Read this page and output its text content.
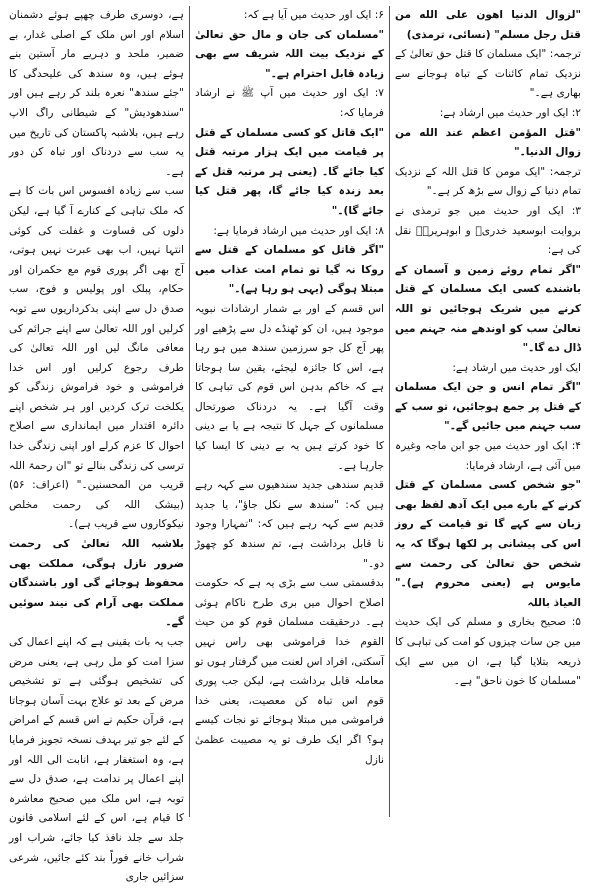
"لزوال الدنيا اهون على الله من قتل رجل مسلم" (نسائی، ترمذی)

ترجمہ: "ایک مسلمان کا قتل حق تعالیٰ کے نزدیک تمام کائنات کے تباہ ہوجانے سے بھاری ہے۔"

۲: ایک اور حدیث میں ارشاد ہے:

"قتل المؤمن اعظم عند الله من زوال الدنیا۔"

ترجمہ: "ایک مومن کا قتل اللہ کے نزدیک تمام دنیا کے زوال سے بڑھ کر ہے۔"

۳: ایک اور حدیث میں جو ترمذی نے بروایت ابوسعید خدریؓ و ابوہریرہؓ نقل کی ہے:

"اگر تمام روئے زمین و آسمان کے باشندے کسی ایک مسلمان کے قتل کرنے میں شریک ہوجائیں تو اللہ تعالیٰ سب کو اوندھے منہ جہنم میں ڈال دے گا۔"

ایک اور حدیث میں ارشاد ہے:

"اگر تمام انس و جن ایک مسلمان کے قتل پر جمع ہوجائیں، تو سب کے سب جہنم میں جائیں گے۔"

۴: ایک اور حدیث میں جو ابن ماجہ وغیرہ میں آئی ہے، ارشاد فرمایا:

"جو شخص کسی مسلمان کے قتل کرنے کے بارے میں ایک آدھ لفظ بھی زبان سے کہے گا تو قیامت کے روز اس کی پیشانی پر لکھا ہوگا کہ یہ شخص حق تعالیٰ کی رحمت سے مایوس ہے (یعنی محروم ہے)۔" العیاذ باللہ

۵: صحیح بخاری و مسلم کی ایک حدیث میں جن سات چیزوں کو امت کی تباہی کا ذریعہ بتلایا گیا ہے، ان میں سے ایک "مسلمان کا خون ناحق" ہے۔

۶: ایک اور حدیث میں آیا ہے کہ:

"مسلمان کی جان و مال حق تعالیٰ کے نزدیک بیت اللہ شریف سے بھی زیادہ قابل احترام ہے۔"

۷: ایک اور حدیث میں آپ ﷺ نے ارشاد فرمایا کہ:

"ایک قاتل کو کسی مسلمان کے قتل پر قیامت میں ایک ہزار مرتبہ قتل کیا جائے گا۔ (یعنی ہر مرتبہ قتل کے بعد زندہ کیا جائے گا، پھر قتل کیا جائے گا)۔"

۸: ایک اور حدیث میں ارشاد فرمایا ہے:

"اگر قاتل کو مسلمان کے قتل سے روکا نہ گیا تو تمام امت عذاب میں مبتلا ہوگی (یہی ہو رہا ہے)۔"

اس قسم کے اور بے شمار ارشادات نبویہ موجود ہیں، ان کو ٹھنڈے دل سے پڑھیے اور پھر آج کل جو سرزمین سندھ میں ہو رہا ہے، اس کا جائزہ لیجئے، یقین سا ہوجاتا ہے کہ خاکم بدہن اس قوم کی تباہی کا وقت آگیا ہے۔ یہ دردناک صورتحال مسلمانوں کے جہل کا نتیجہ ہے یا بے دینی کا خود کرتے ہیں یہ بے دینی کا ایسا کیا جارہا ہے۔

قدیم سندھی جدید سندھیوں سے کہہ رہے ہیں کہ: "سندھ سے نکل جاؤ"، یا جدید قدیم سے کہہ رہے ہیں کہ: "تمہارا وجود نا قابل برداشت ہے، تم سندھ کو چھوڑ دو۔"

بدقسمتی سب سے بڑی یہ ہے کہ حکومت اصلاح احوال میں بری طرح ناکام ہوئی ہے۔ درحقیقت مسلمان قوم کو من حیث القوم خدا فراموشی بھی راس نہیں آسکتی، افراد اس لعنت میں گرفتار ہوں تو معاملہ قابل برداشت ہے، لیکن جب پوری قوم اس تباہ کن معصیت، یعنی خدا فراموشی میں مبتلا ہوجائے تو نجات کیسے ہو؟ اگر ایک طرف تو یہ مصیبت عظمیٰ نازل

ہے، دوسری طرف چھپے ہوئے دشمنان اسلام اور اس ملک کے اصلی غدار، بے ضمیر، ملحد و دہریے مار آستین بنے ہوئے ہیں، وہ سندھ کی علیحدگی کا "جئے سندھ" نعرہ بلند کر رہے ہیں اور "سندھودیش" کے شیطانی راگ الاپ رہے ہیں، بلاشبہ پاکستان کی تاریخ میں یہ سب سے دردناک اور تباہ کن دور ہے۔

سب سے زیادہ افسوس اس بات کا ہے کہ ملک تباہی کے کنارے آ گیا ہے، لیکن دلوں کی قساوت و غفلت کی کوئی انتہا نہیں، اب بھی عبرت نہیں ہوتی، آج بھی اگر پوری قوم مع حکمران اور حکام، پبلک اور پولیس و فوج، سب صدق دل سے اپنی بدکرداریوں سے توبہ کرلیں اور اللہ تعالیٰ سے اپنے جرائم کی معافی مانگ لیں اور اللہ تعالیٰ کی طرف رجوع کرلیں اور اس خدا فراموشی و خود فراموش زندگی کو یکلخت ترک کردیں اور ہر شخص اپنے دائرہ اقتدار میں ایمانداری سے اصلاح احوال کا عزم کرلے اور اپنی زندگی خدا ترسی کی زندگی بنالے تو "ان رحمۃ اللہ قریب من المحسنین۔" (اعراف: ۵۶) (بیشک اللہ کی رحمت مخلص نیکوکاروں سے قریب ہے)۔

بلاشبہ اللہ تعالیٰ کی رحمت ضرور نازل ہوگی، مملکت بھی محفوظ ہوجائے گی اور باشندگان مملکت بھی آرام کی نیند سوئیں گے۔

جب یہ بات یقینی ہے کہ اپنے اعمال کی سزا امت کو مل رہی ہے، یعنی مرض کی تشخیص ہوگئی ہے تو تشخیص مرض کے بعد تو علاج بہت آسان ہوجاتا ہے، قرآن حکیم نے اس قسم کے امراض کے لئے جو تیر بہدف نسخہ تجویز فرمایا ہے، وہ استغفار ہے، انابت الی اللہ اور اپنے اعمال پر ندامت ہے، صدق دل سے توبہ ہے، اس ملک میں صحیح معاشرہ کا قیام ہے، اس کے لئے اسلامی قانون جلد سے جلد نافذ کیا جائے، شراب اور شراب خانے فوراً بند کئے جائیں، شرعی سزائیں جاری
